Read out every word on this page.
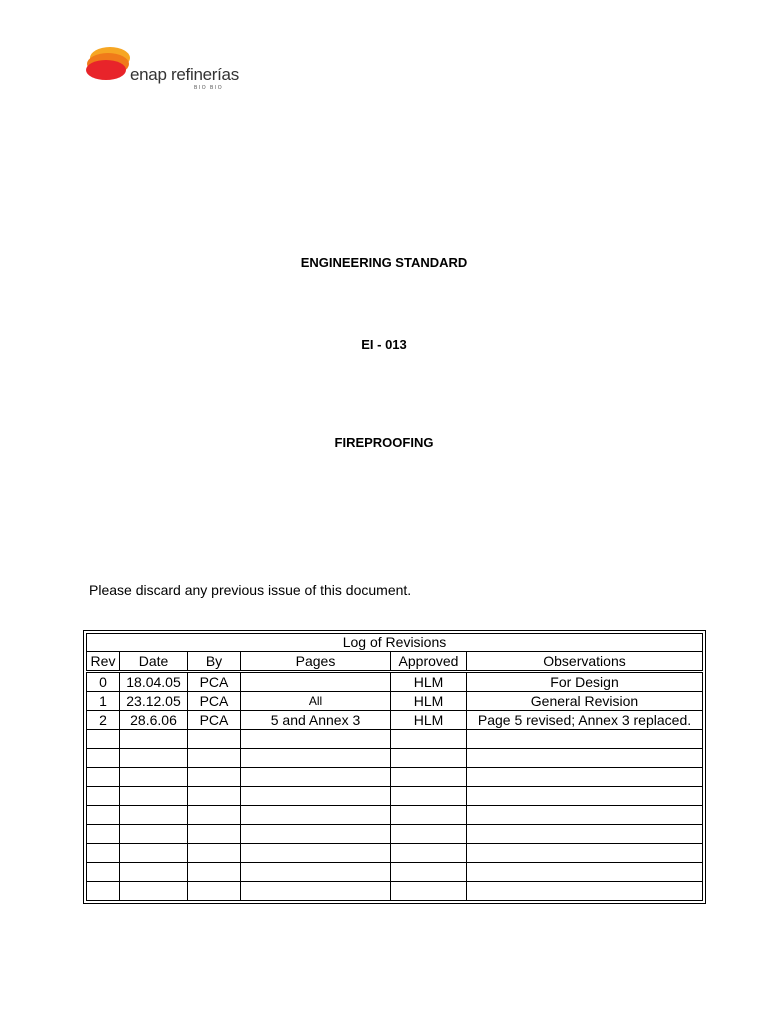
enap refinerías
BIO BIO
ENGINEERING STANDARD
EI - 013
FIREPROOFING
Please discard any previous issue of this document.
Log of Revisions					
Rev	Date	By	Pages	Approved	Observations
0	18.04.05	PCA		HLM	For Design
1	23.12.05	PCA	All	HLM	General Revision
2	28.6.06	PCA	5 and Annex 3	HLM	Page 5 revised; Annex 3 replaced.
